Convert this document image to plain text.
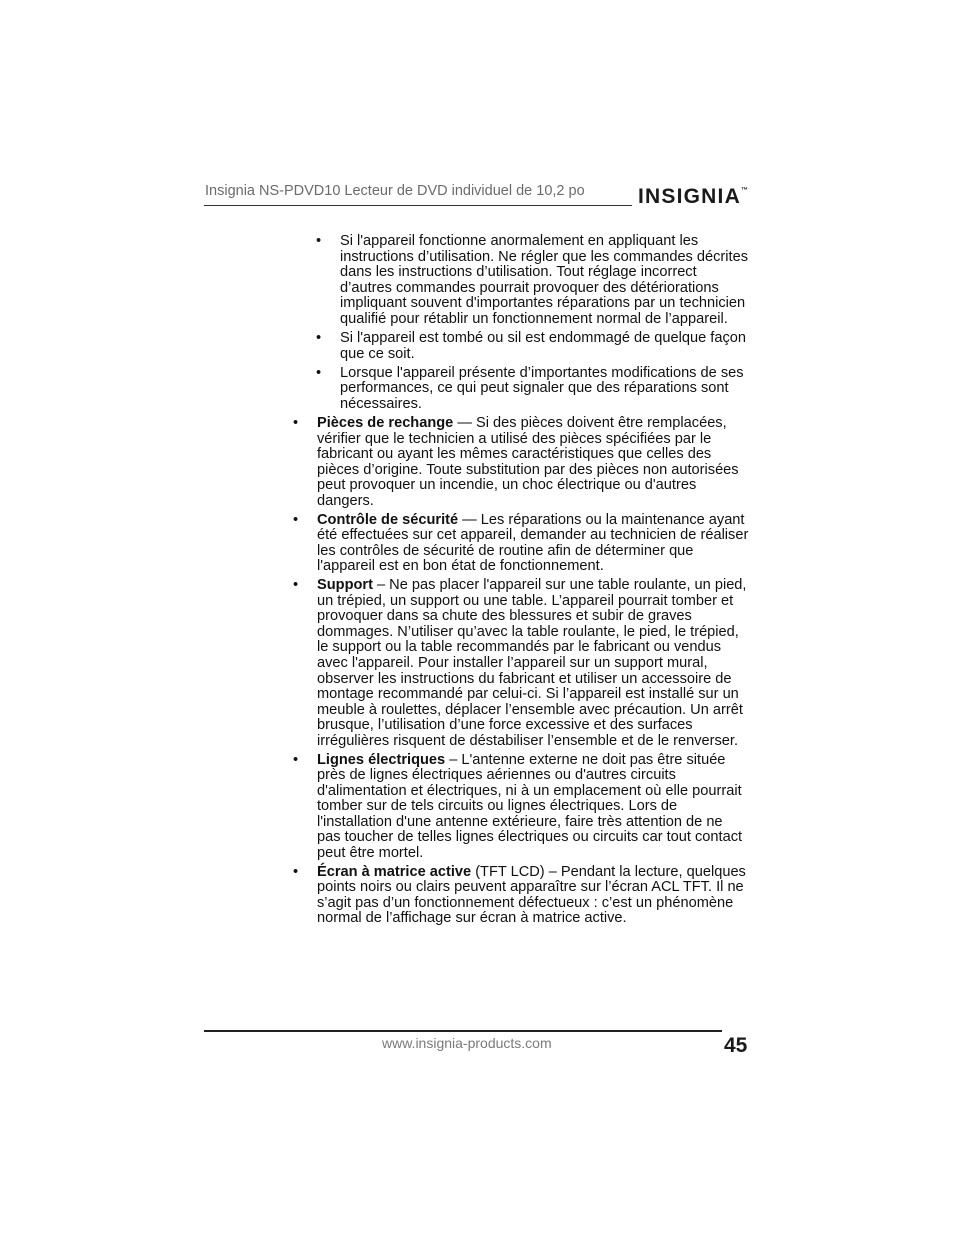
Insignia NS-PDVD10 Lecteur de DVD individuel de 10,2 po	INSIGNIA™
• Si l'appareil fonctionne anormalement en appliquant les instructions d’utilisation. Ne régler que les commandes décrites dans les instructions d’utilisation. Tout réglage incorrect d’autres commandes pourrait provoquer des détériorations impliquant souvent d'importantes réparations par un technicien qualifié pour rétablir un fonctionnement normal de l’appareil.
• Si l'appareil est tombé ou sil est endommagé de quelque façon que ce soit.
• Lorsque l'appareil présente d’importantes modifications de ses performances, ce qui peut signaler que des réparations sont nécessaires.
• Pièces de rechange — Si des pièces doivent être remplacées, vérifier que le technicien a utilisé des pièces spécifiées par le fabricant ou ayant les mêmes caractéristiques que celles des pièces d’origine. Toute substitution par des pièces non autorisées peut provoquer un incendie, un choc électrique ou d'autres dangers.
• Contrôle de sécurité — Les réparations ou la maintenance ayant été effectuées sur cet appareil, demander au technicien de réaliser les contrôles de sécurité de routine afin de déterminer que l'appareil est en bon état de fonctionnement.
• Support – Ne pas placer l'appareil sur une table roulante, un pied, un trépied, un support ou une table. L’appareil pourrait tomber et provoquer dans sa chute des blessures et subir de graves dommages. N’utiliser qu’avec la table roulante, le pied, le trépied, le support ou la table recommandés par le fabricant ou vendus avec l'appareil. Pour installer l’appareil sur un support mural, observer les instructions du fabricant et utiliser un accessoire de montage recommandé par celui-ci. Si l’appareil est installé sur un meuble à roulettes, déplacer l’ensemble avec précaution. Un arrêt brusque, l’utilisation d’une force excessive et des surfaces irrégulières risquent de déstabiliser l’ensemble et de le renverser.
• Lignes électriques – L'antenne externe ne doit pas être située près de lignes électriques aériennes ou d'autres circuits d'alimentation et électriques, ni à un emplacement où elle pourrait tomber sur de tels circuits ou lignes électriques. Lors de l'installation d'une antenne extérieure, faire très attention de ne pas toucher de telles lignes électriques ou circuits car tout contact peut être mortel.
• Écran à matrice active (TFT LCD) – Pendant la lecture, quelques points noirs ou clairs peuvent apparaître sur l’écran ACL TFT. Il ne s’agit pas d’un fonctionnement défectueux : c’est un phénomène normal de l’affichage sur écran à matrice active.
www.insignia-products.com	45
